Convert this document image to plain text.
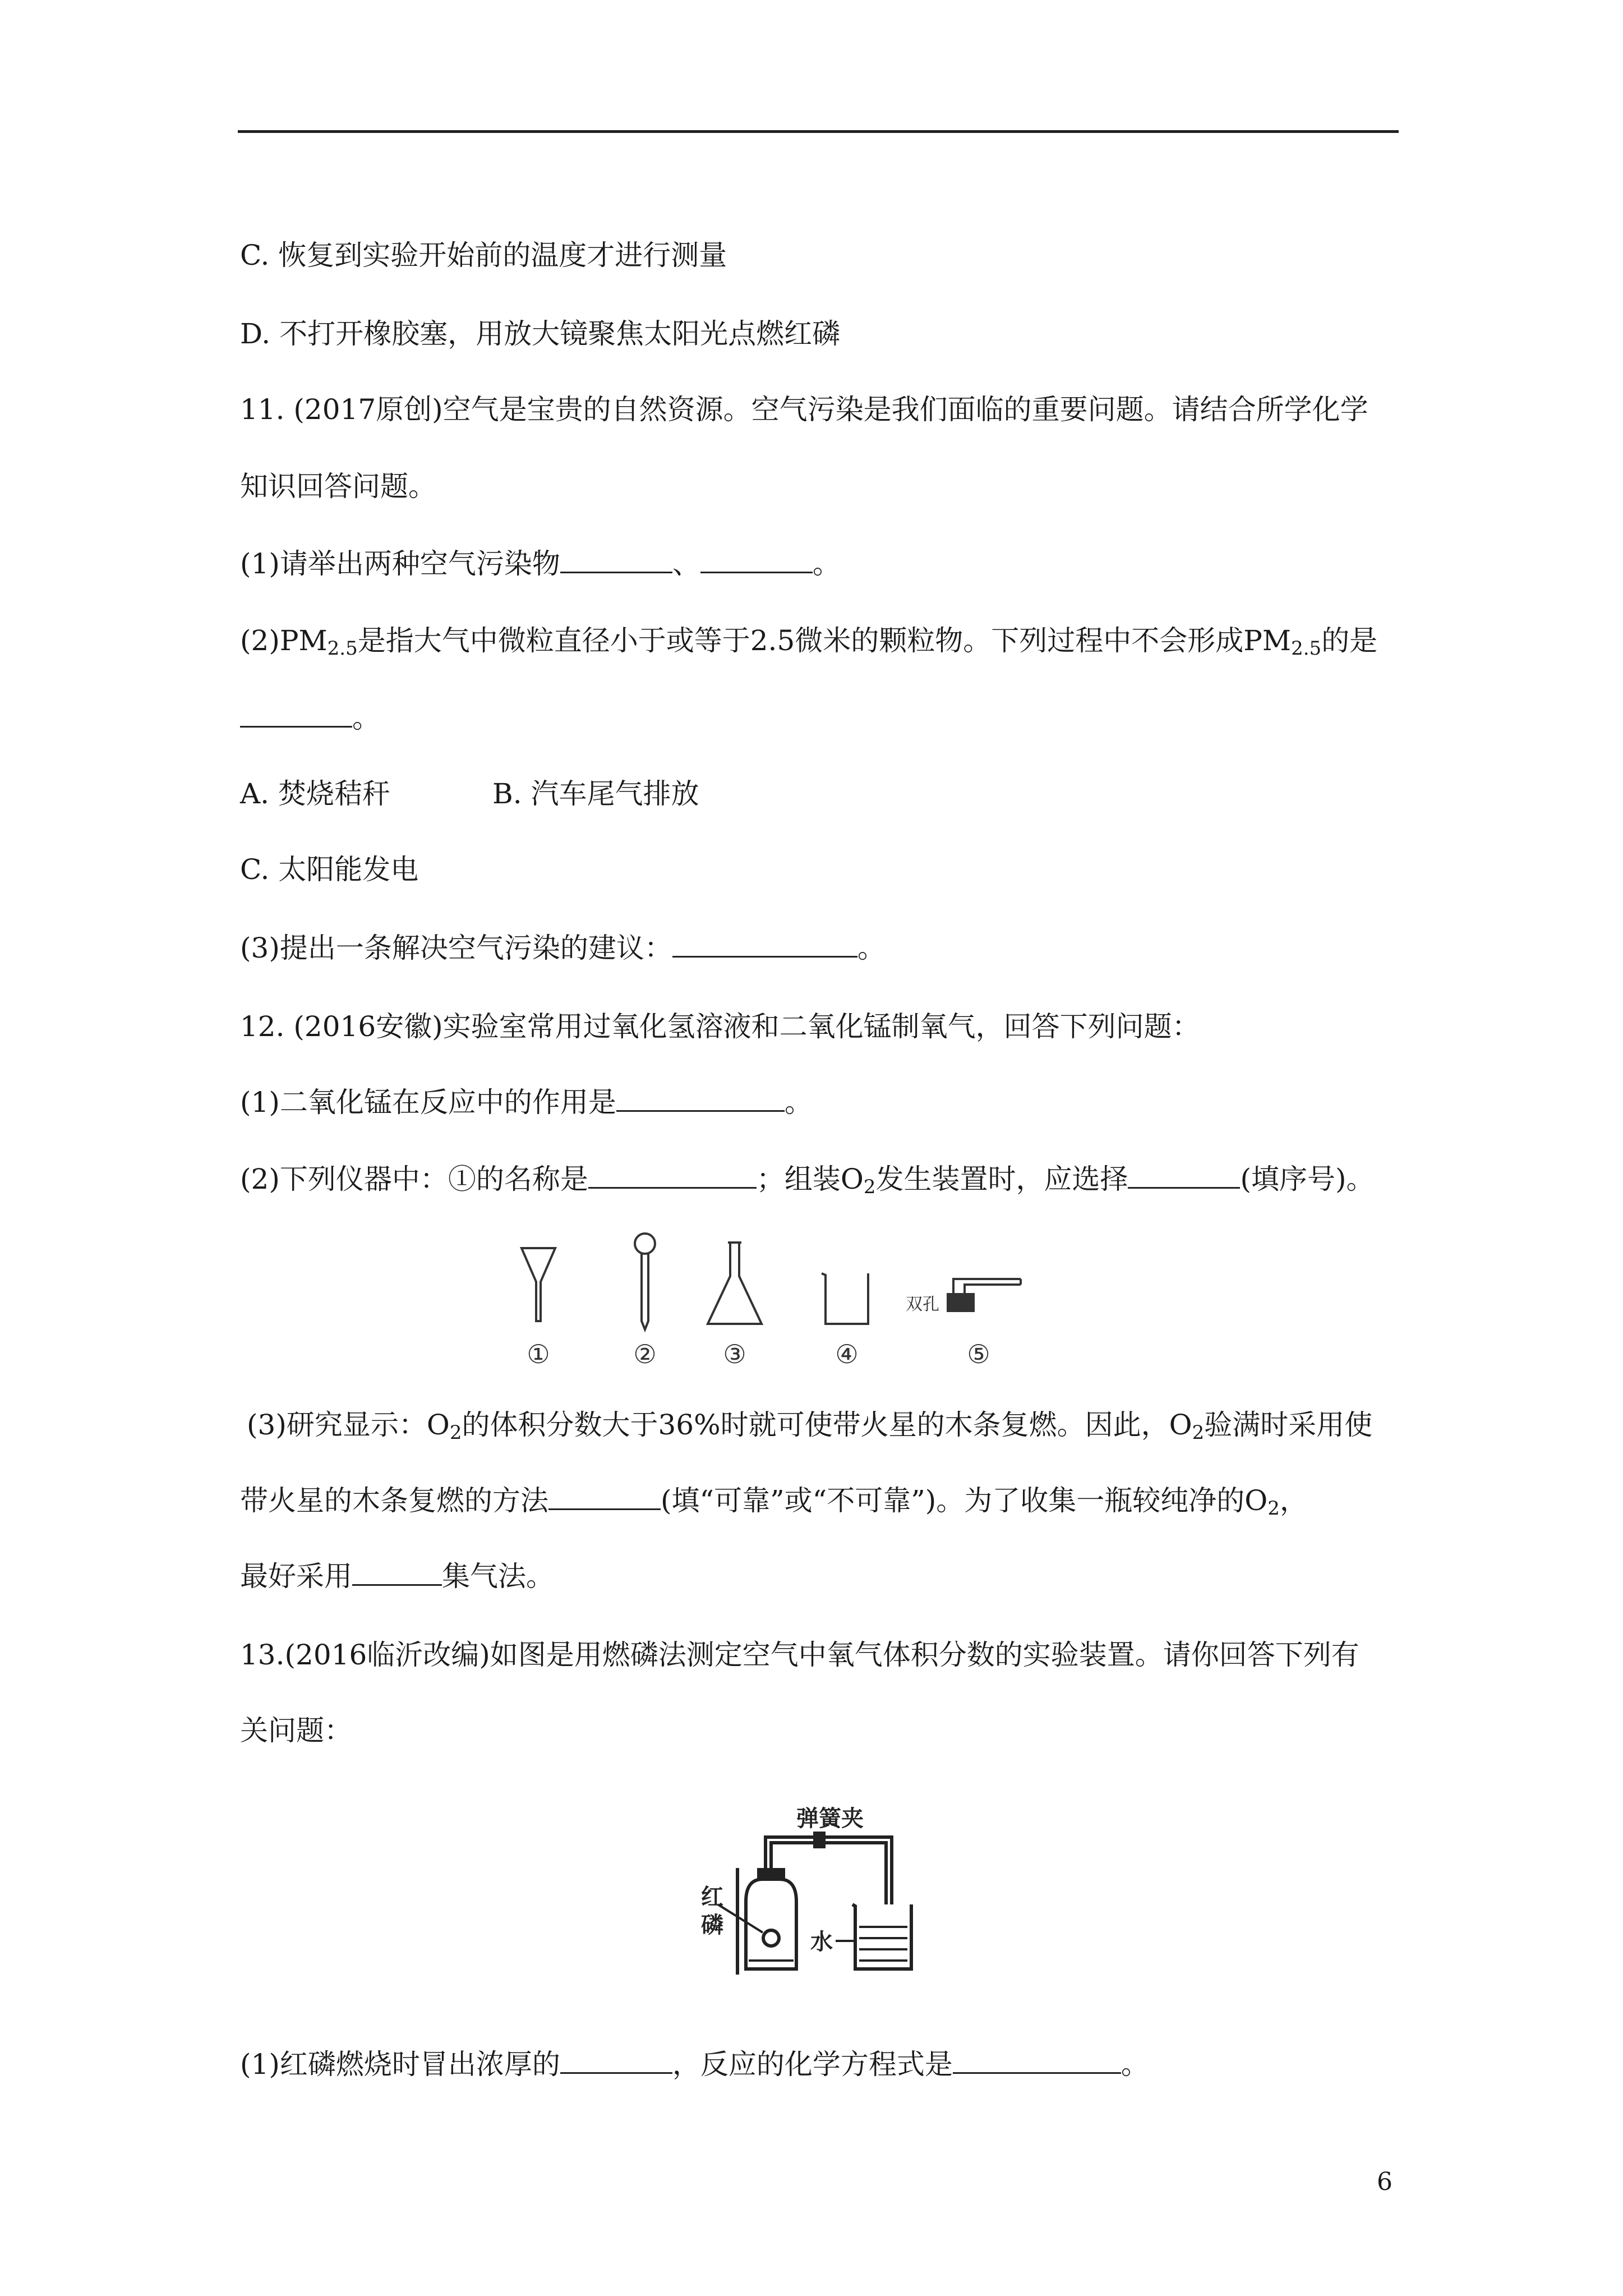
C. 恢复到实验开始前的温度才进行测量
D. 不打开橡胶塞，用放大镜聚焦太阳光点燃红磷
11. (2017原创)空气是宝贵的自然资源。空气污染是我们面临的重要问题。请结合所学化学
知识回答问题。
(1)请举出两种空气污染物	、	。
$(2)PM_{2.5}$是指大气中微粒直径小于或等于2.5微米的颗粒物。下列过程中不会形成$PM_{2.5}$的是
。
A. 焚烧秸秆	B. 汽车尾气排放
C. 太阳能发电
(3)提出一条解决空气污染的建议：	。
12. (2016安徽)实验室常用过氧化氢溶液和二氧化锰制氧气，回答下列问题：
(1)二氧化锰在反应中的作用是	。
(2)下列仪器中：①的名称是	；组装$O_2$发生装置时，应选择	(填序号)。
双孔
①	②	③	④	⑤
(3)研究显示：$O_2$的体积分数大于36%时就可使带火星的木条复燃。因此，$O_2$验满时采用使
带火星的木条复燃的方法	(填“可靠”或“不可靠”)。为了收集一瓶较纯净的$O_2$，
最好采用	集气法。
13.(2016临沂改编)如图是用燃磷法测定空气中氧气体积分数的实验装置。请你回答下列有
关问题：
弹簧夹
红
磷
水
(1)红磷燃烧时冒出浓厚的	，反应的化学方程式是	。
6
